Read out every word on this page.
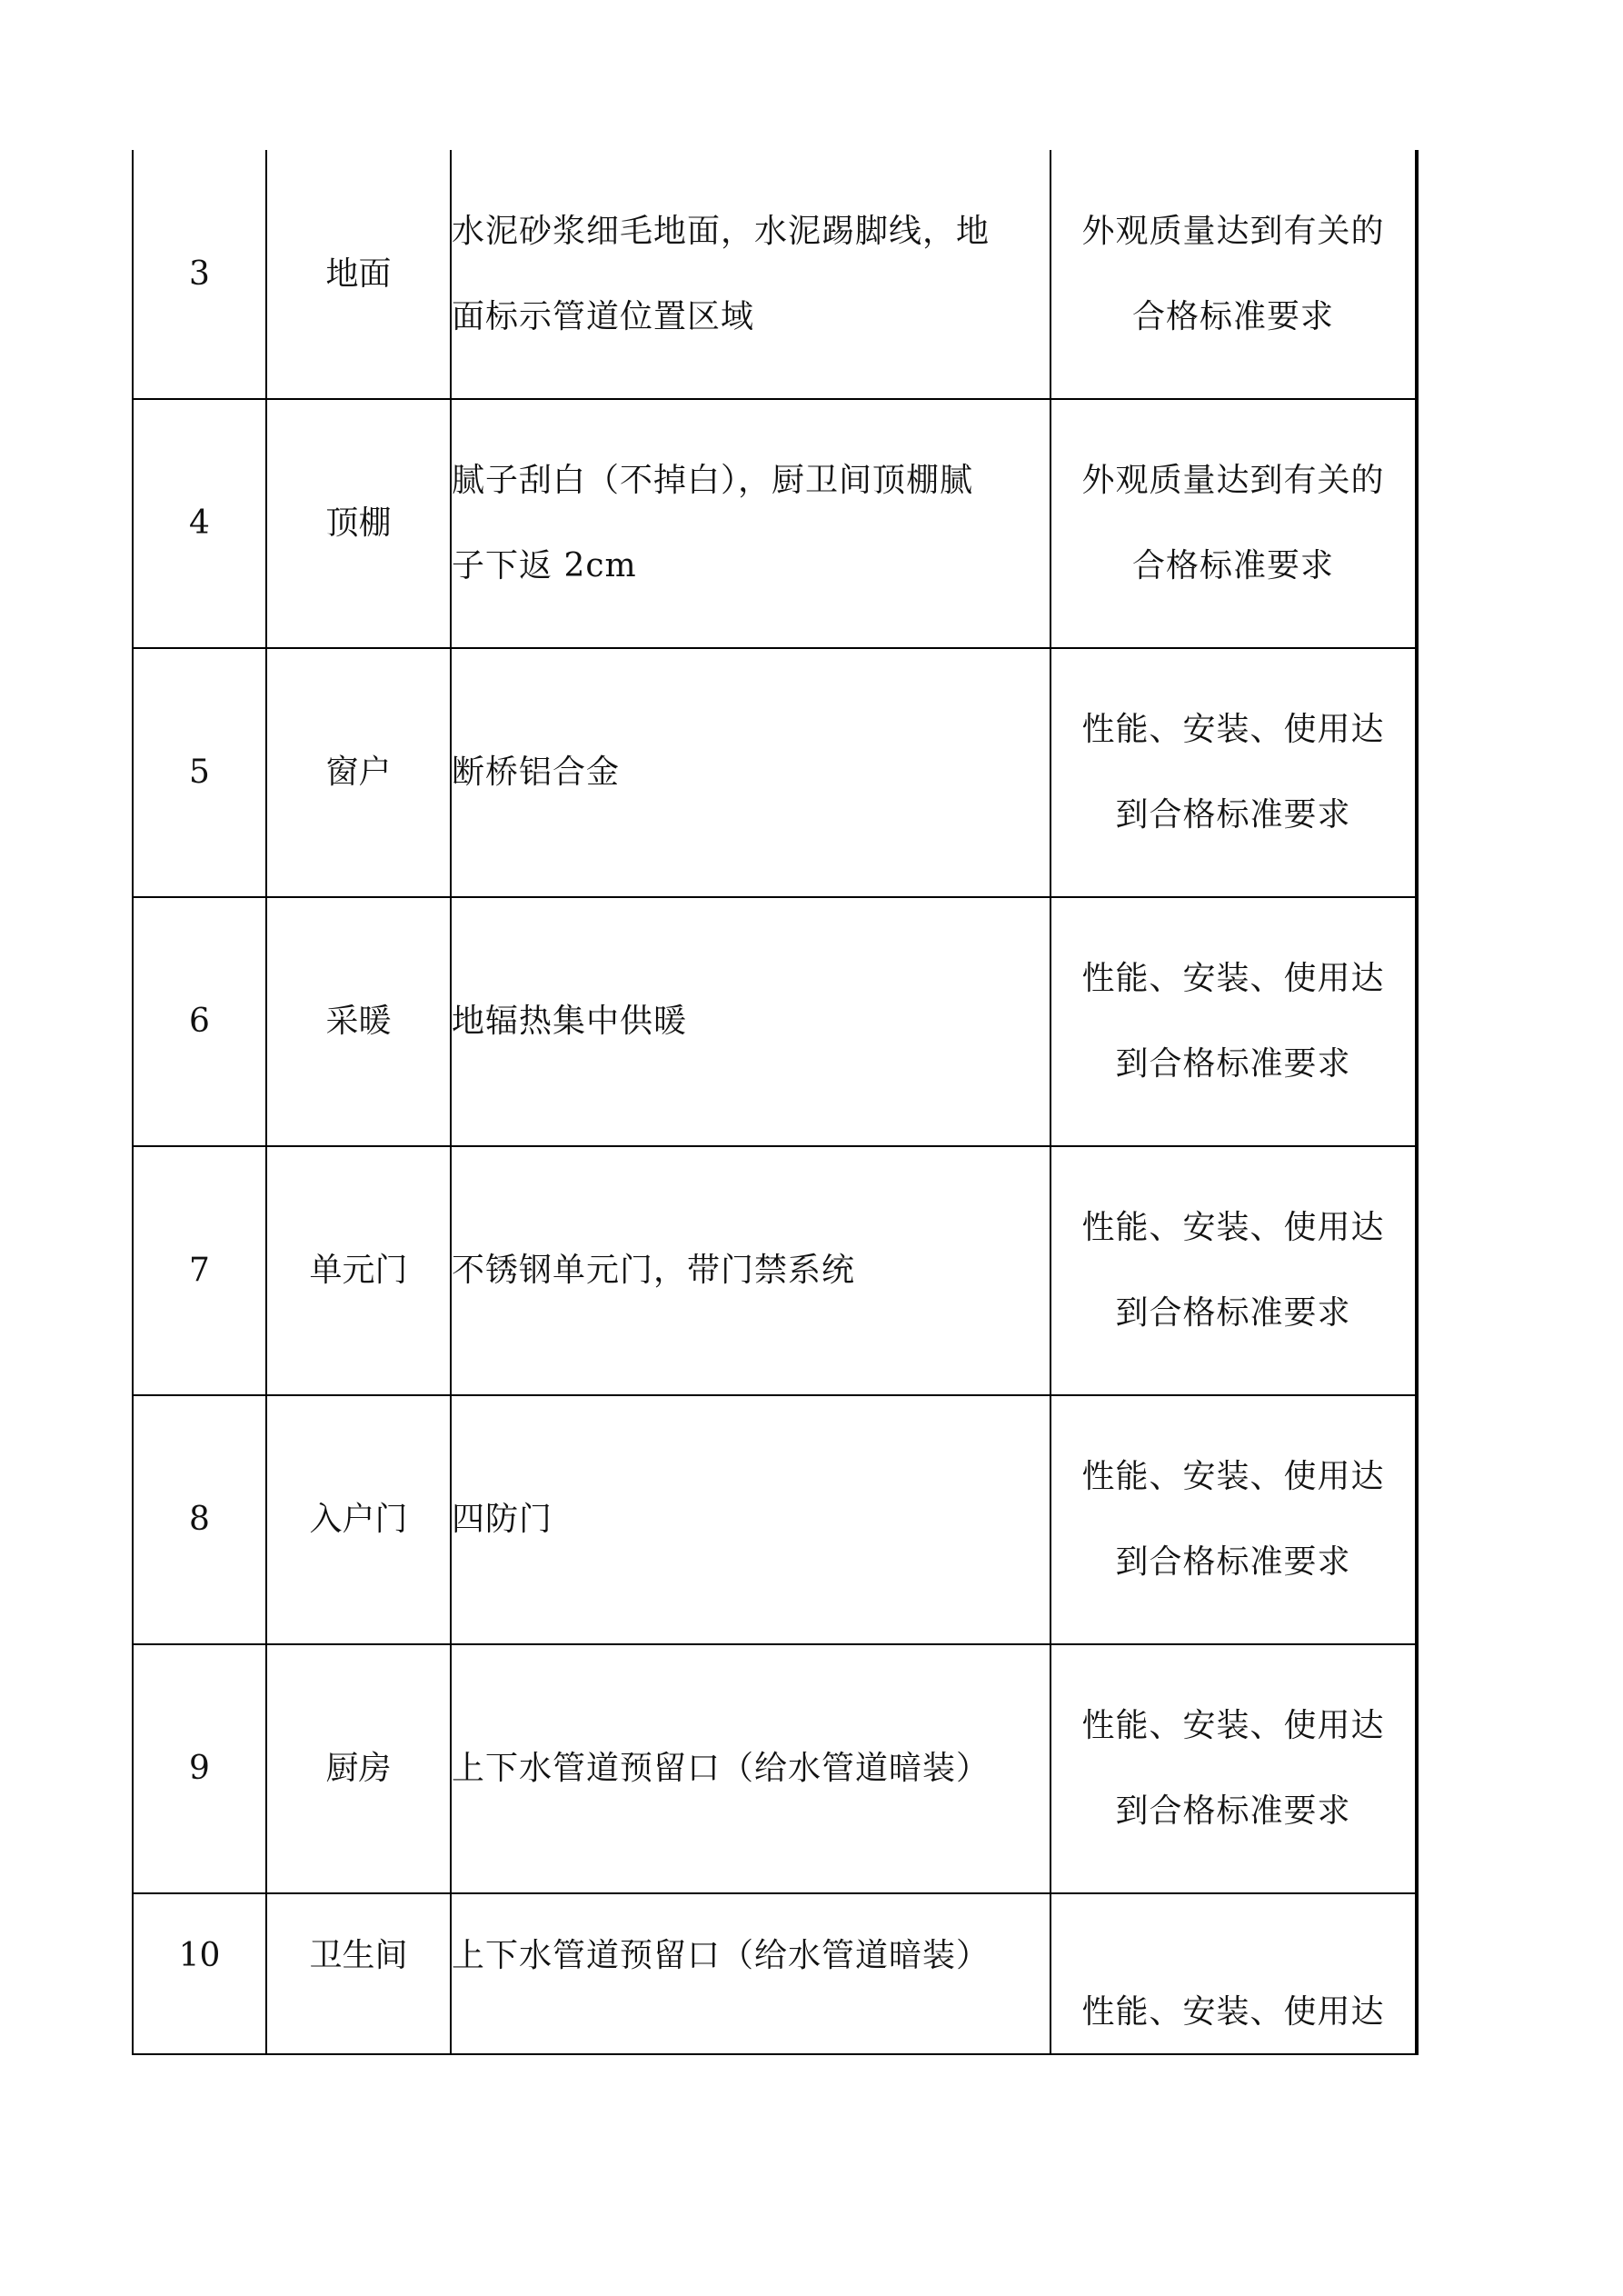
3	地面	水泥砂浆细毛地面，水泥踢脚线，地
面标示管道位置区域	外观质量达到有关的
合格标准要求

4	顶棚	腻子刮白（不掉白），厨卫间顶棚腻
子下返 2cm	外观质量达到有关的
合格标准要求

5	窗户	断桥铝合金	性能、安装、使用达
到合格标准要求

6	采暖	地辐热集中供暖	性能、安装、使用达
到合格标准要求

7	单元门	不锈钢单元门，带门禁系统	性能、安装、使用达
到合格标准要求

8	入户门	四防门	性能、安装、使用达
到合格标准要求

9	厨房	上下水管道预留口（给水管道暗装）	性能、安装、使用达
到合格标准要求

10	卫生间	上下水管道预留口（给水管道暗装）	性能、安装、使用达
